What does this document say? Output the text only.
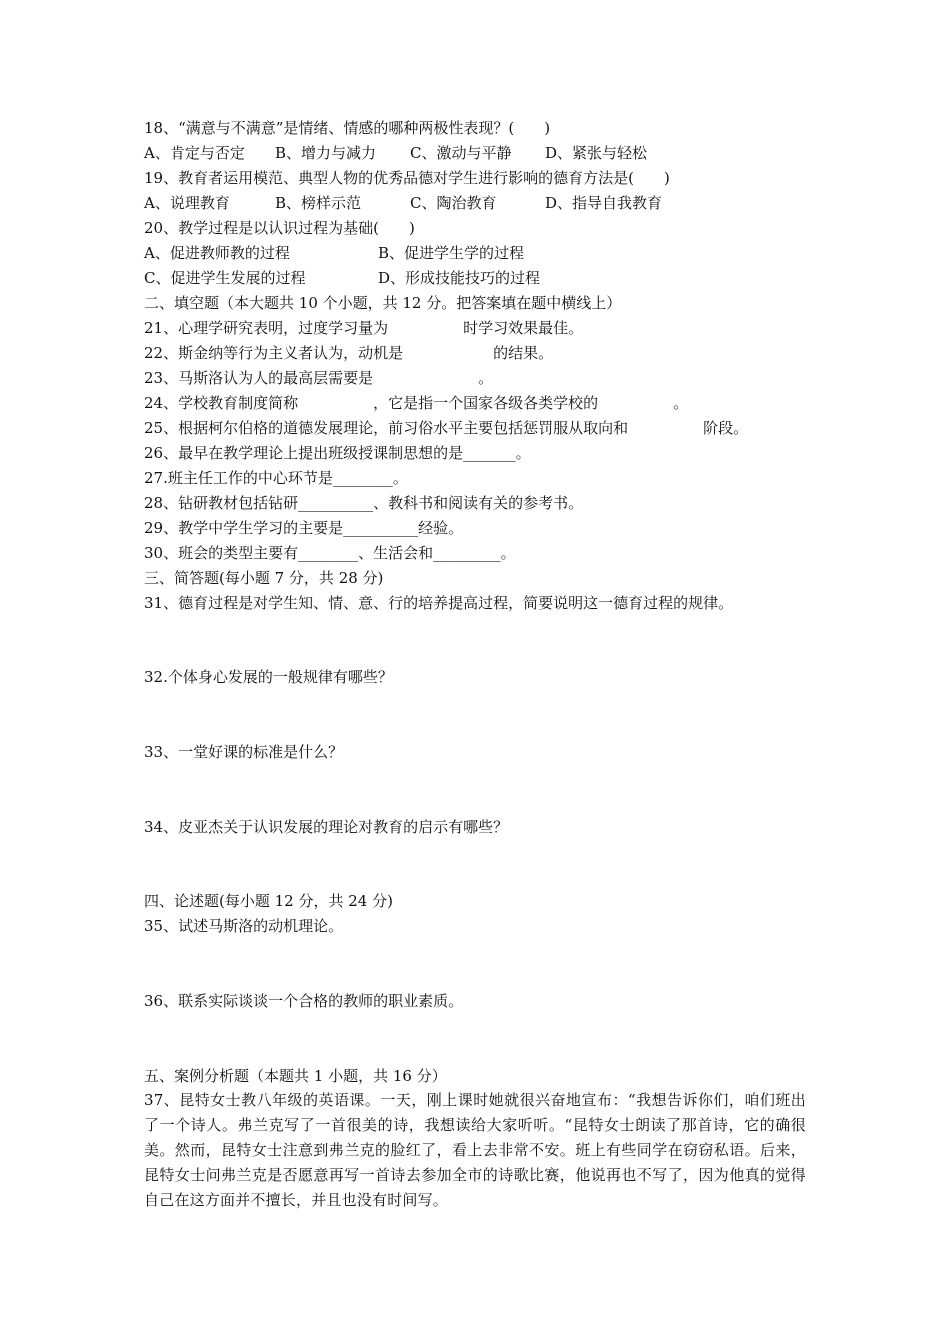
18、“满意与不满意”是情绪、情感的哪种两极性表现？(　　)
A、肯定与否定 B、增力与减力 C、激动与平静 D、紧张与轻松
19、教育者运用模范、典型人物的优秀品德对学生进行影响的德育方法是(　　)
A、说理教育	B、榜样示范	C、陶治教育	D、指导自我教育
20、教学过程是以认识过程为基础(　　)
A、促进教师教的过程	B、促进学生学的过程
C、促进学生发展的过程	D、形成技能技巧的过程
二、填空题（本大题共 10 个小题，共 12 分。把答案填在题中横线上）
21、心理学研究表明，过度学习量为　　　　　时学习效果最佳。
22、斯金纳等行为主义者认为，动机是　　　　　　的结果。
23、马斯洛认为人的最高层需要是　　　　　　　。
24、学校教育制度简称　　　　　，它是指一个国家各级各类学校的　　　　　。
25、根据柯尔伯格的道德发展理论，前习俗水平主要包括惩罚服从取向和　　　　　阶段。
26、最早在教学理论上提出班级授课制思想的是_______。
27.班主任工作的中心环节是________。
28、钻研教材包括钻研__________、教科书和阅读有关的参考书。
29、教学中学生学习的主要是__________经验。
30、班会的类型主要有________、生活会和_________。
三、简答题(每小题 7 分，共 28 分)
31、德育过程是对学生知、情、意、行的培养提高过程，简要说明这一德育过程的规律。
32.个体身心发展的一般规律有哪些？
33、一堂好课的标准是什么？
34、皮亚杰关于认识发展的理论对教育的启示有哪些？
四、论述题(每小题 12 分，共 24 分)
35、试述马斯洛的动机理论。
36、联系实际谈谈一个合格的教师的职业素质。
五、案例分析题（本题共 1 小题，共 16 分）
37、昆特女士教八年级的英语课。一天，刚上课时她就很兴奋地宣布：“我想告诉你们，咱们班出了一个诗人。弗兰克写了一首很美的诗，我想读给大家听听。“昆特女士朗读了那首诗，它的确很美。然而，昆特女士注意到弗兰克的脸红了，看上去非常不安。班上有些同学在窃窃私语。后来，昆特女士问弗兰克是否愿意再写一首诗去参加全市的诗歌比赛，他说再也不写了，因为他真的觉得自己在这方面并不擅长，并且也没有时间写。
